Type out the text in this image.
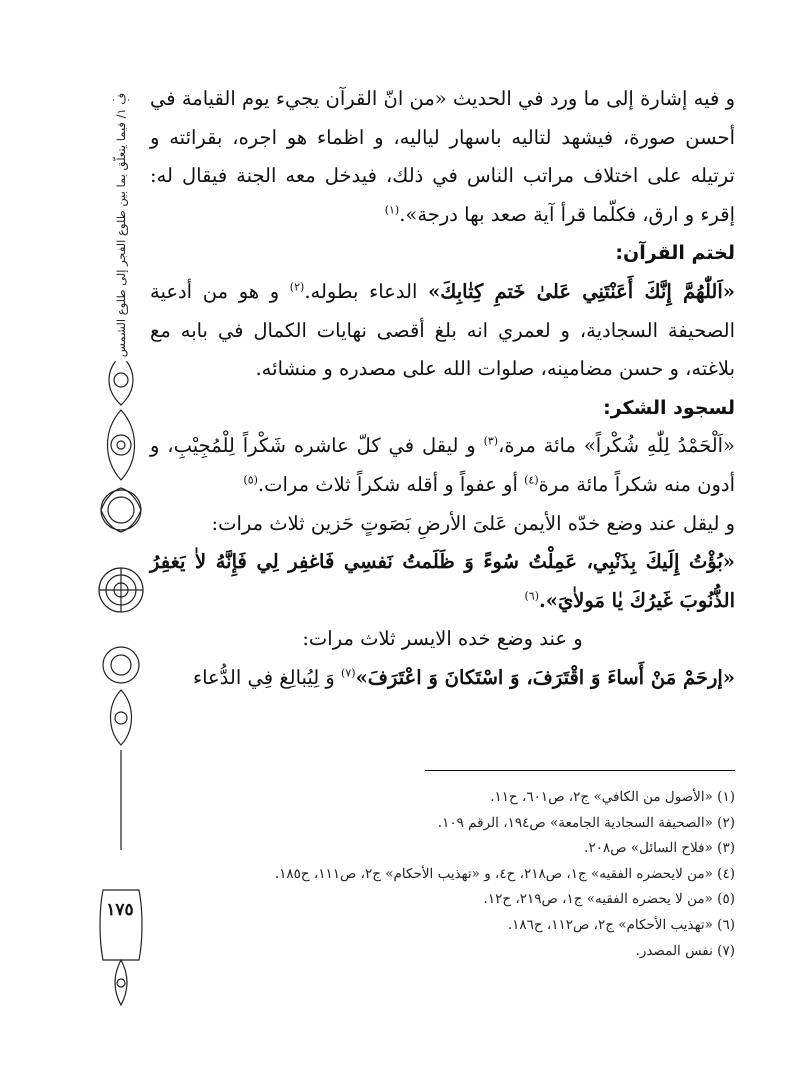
ف ١/ فيما يتعلّق بما بين طلوع الفجر إلى طلوع الشمس
١٧٥

و فيه إشارة إلى ما ورد في الحديث «من انّ القرآن يجيء يوم القيامة في أحسن صورة، فيشهد لتاليه باسهار لياليه، و اظماء هو اجره، بقرائته و ترتيله على اختلاف مراتب الناس في ذلك، فيدخل معه الجنة فيقال له: إقرء و ارق، فكلّما قرأ آية صعد بها درجة».$^{(١)}$

لختم القرآن:

«اَللّٰهُمَّ إِنَّكَ أَعَنْتَنِي عَلىٰ خَتمِ كِتٰابِكَ» الدعاء بطوله.$^{(٢)}$ و هو من أدعية الصحيفة السجادية، و لعمري انه بلغ أقصى نهايات الكمال في بابه مع بلاغته، و حسن مضامينه، صلوات الله على مصدره و منشائه.

لسجود الشكر:

«اَلْحَمْدُ لِلّٰهِ شُكْراً» مائة مرة،$^{(٣)}$ و ليقل في كلّ عاشره شَكْراً لِلْمُجِيْبِ، و أدون منه شكراً مائة مرة$^{(٤)}$ أو عفواً و أقله شكراً ثلاث مرات.$^{(٥)}$

و ليقل عند وضع خدّه الأيمن عَلىَ الأرضِ بَصَوتٍ حَزين ثلاث مرات:

«بُؤْتُ إِلَيكَ بِذَنْبِي، عَمِلْتُ سُوءً وَ ظَلَمتُ نَفسِي فَاغفِر لِي فَإِنَّهُ لاٰ يَغفِرُ الذُّنُوبَ غَيرُكَ يٰا مَولاٰيَ».$^{(٦)}$

و عند وضع خده الايسر ثلاث مرات:

«إرحَمْ مَنْ أَساءَ وَ اقْتَرَفَ، وَ اسْتَكانَ وَ اعْتَرَفَ»$^{(٧)}$ وَ لِيُبالِغ فِي الدُّعاء

(١) «الأصول من الكافي» ج٢، ص٦٠١، ح١١.
(٢) «الصحيفة السجادية الجامعة» ص١٩٤، الرقم ١٠٩.
(٣) «فلاح السائل» ص٢٠٨.
(٤) «من لايحضره الفقيه» ج١، ص٢١٨، ح٤، و «تهذيب الأحكام» ج٢، ص١١١، ح١٨٥.
(٥) «من لا يحضره الفقيه» ج١، ص٢١٩، ح١٢.
(٦) «تهذيب الأحكام» ج٢، ص١١٢، ح١٨٦.
(٧) نفس المصدر.
